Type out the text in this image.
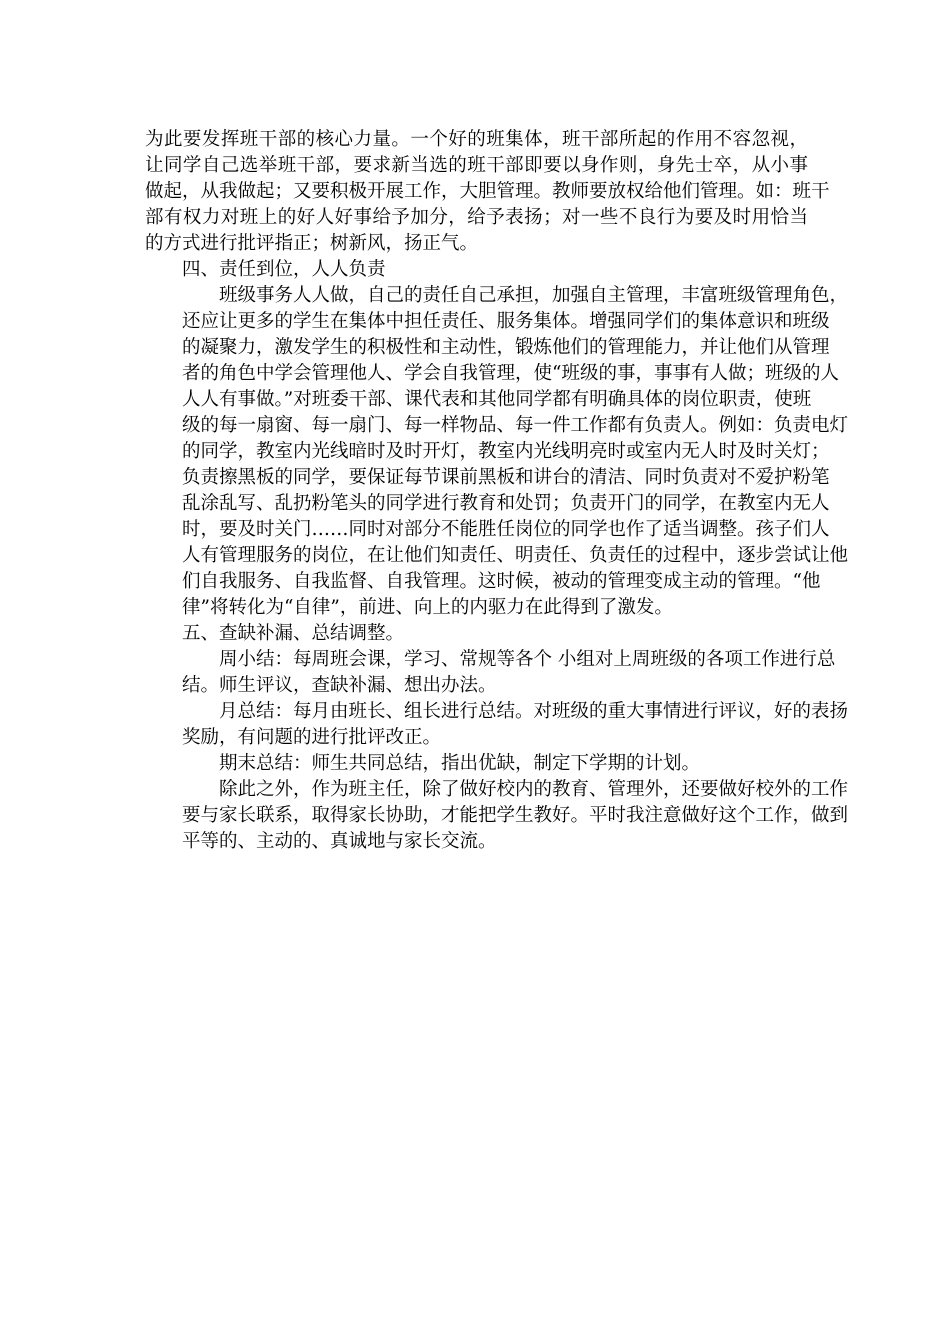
为此要发挥班干部的核心力量。一个好的班集体，班干部所起的作用不容忽视，
让同学自己选举班干部，要求新当选的班干部即要以身作则，身先士卒，从小事
做起，从我做起；又要积极开展工作，大胆管理。教师要放权给他们管理。如：班干
部有权力对班上的好人好事给予加分，给予表扬；对一些不良行为要及时用恰当
的方式进行批评指正；树新风，扬正气。
四、责任到位，人人负责
班级事务人人做，自己的责任自己承担，加强自主管理，丰富班级管理角色，
还应让更多的学生在集体中担任责任、服务集体。增强同学们的集体意识和班级
的凝聚力，激发学生的积极性和主动性，锻炼他们的管理能力，并让他们从管理
者的角色中学会管理他人、学会自我管理，使“班级的事，事事有人做；班级的人
人人有事做。”对班委干部、课代表和其他同学都有明确具体的岗位职责，使班
级的每一扇窗、每一扇门、每一样物品、每一件工作都有负责人。例如：负责电灯
的同学，教室内光线暗时及时开灯，教室内光线明亮时或室内无人时及时关灯；
负责擦黑板的同学，要保证每节课前黑板和讲台的清洁、同时负责对不爱护粉笔
乱涂乱写、乱扔粉笔头的同学进行教育和处罚；负责开门的同学，在教室内无人
时，要及时关门……同时对部分不能胜任岗位的同学也作了适当调整。孩子们人
人有管理服务的岗位，在让他们知责任、明责任、负责任的过程中，逐步尝试让他
们自我服务、自我监督、自我管理。这时候，被动的管理变成主动的管理。“他
律”将转化为“自律”，前进、向上的内驱力在此得到了激发。
五、查缺补漏、总结调整。
周小结：每周班会课，学习、常规等各个 小组对上周班级的各项工作进行总
结。师生评议，查缺补漏、想出办法。
月总结：每月由班长、组长进行总结。对班级的重大事情进行评议，好的表扬
奖励，有问题的进行批评改正。
期末总结：师生共同总结，指出优缺，制定下学期的计划。
除此之外，作为班主任，除了做好校内的教育、管理外，还要做好校外的工作
要与家长联系，取得家长协助，才能把学生教好。平时我注意做好这个工作，做到
平等的、主动的、真诚地与家长交流。
